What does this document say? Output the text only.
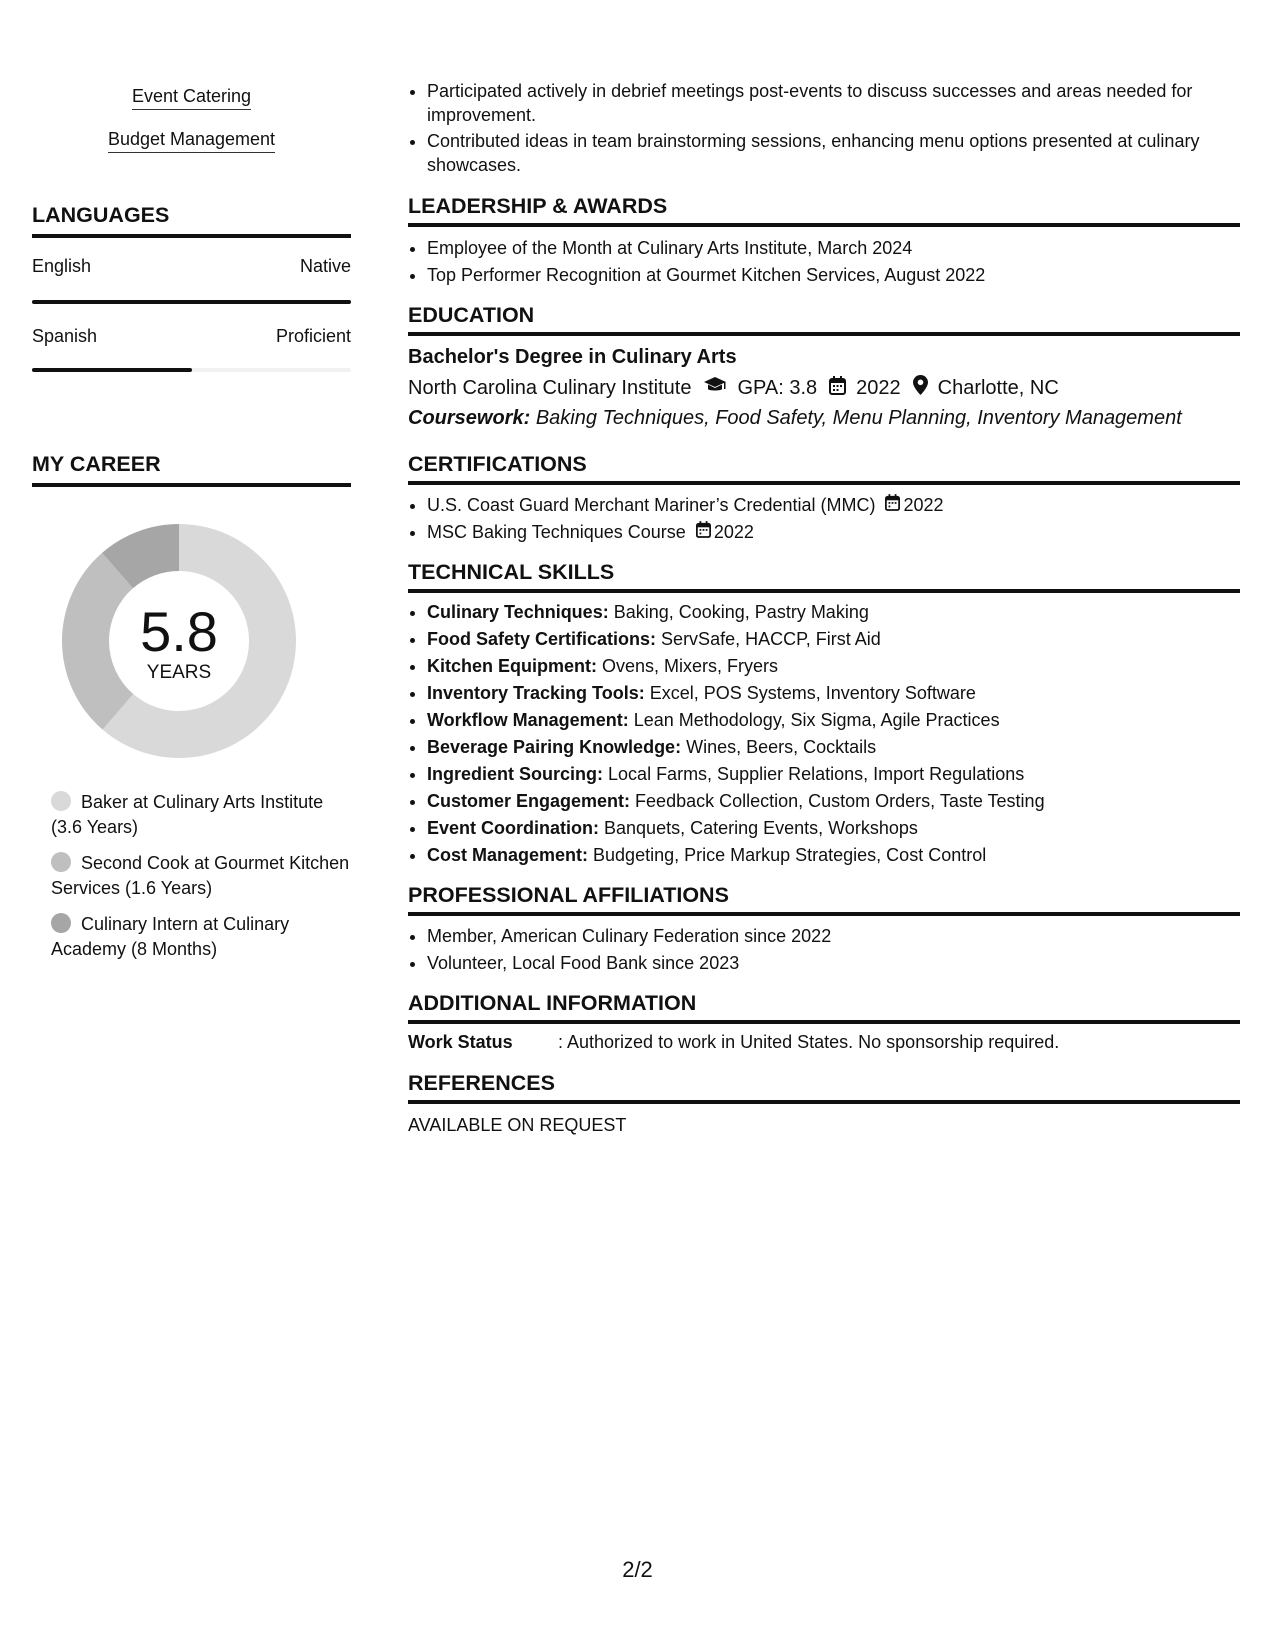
Event Catering
Budget Management
LANGUAGES
English	Native
Spanish	Proficient
MY CAREER
5.8
YEARS
Baker at Culinary Arts Institute (3.6 Years)
Second Cook at Gourmet Kitchen Services (1.6 Years)
Culinary Intern at Culinary Academy (8 Months)
• Participated actively in debrief meetings post-events to discuss successes and areas needed for improvement.
• Contributed ideas in team brainstorming sessions, enhancing menu options presented at culinary showcases.
LEADERSHIP & AWARDS
• Employee of the Month at Culinary Arts Institute, March 2024
• Top Performer Recognition at Gourmet Kitchen Services, August 2022
EDUCATION
Bachelor's Degree in Culinary Arts
North Carolina Culinary Institute GPA: 3.8 2022 Charlotte, NC
Coursework: Baking Techniques, Food Safety, Menu Planning, Inventory Management
CERTIFICATIONS
• U.S. Coast Guard Merchant Mariner’s Credential (MMC) 2022
• MSC Baking Techniques Course 2022
TECHNICAL SKILLS
• Culinary Techniques: Baking, Cooking, Pastry Making
• Food Safety Certifications: ServSafe, HACCP, First Aid
• Kitchen Equipment: Ovens, Mixers, Fryers
• Inventory Tracking Tools: Excel, POS Systems, Inventory Software
• Workflow Management: Lean Methodology, Six Sigma, Agile Practices
• Beverage Pairing Knowledge: Wines, Beers, Cocktails
• Ingredient Sourcing: Local Farms, Supplier Relations, Import Regulations
• Customer Engagement: Feedback Collection, Custom Orders, Taste Testing
• Event Coordination: Banquets, Catering Events, Workshops
• Cost Management: Budgeting, Price Markup Strategies, Cost Control
PROFESSIONAL AFFILIATIONS
• Member, American Culinary Federation since 2022
• Volunteer, Local Food Bank since 2023
ADDITIONAL INFORMATION
Work Status	: Authorized to work in United States. No sponsorship required.
REFERENCES
AVAILABLE ON REQUEST
2/2
